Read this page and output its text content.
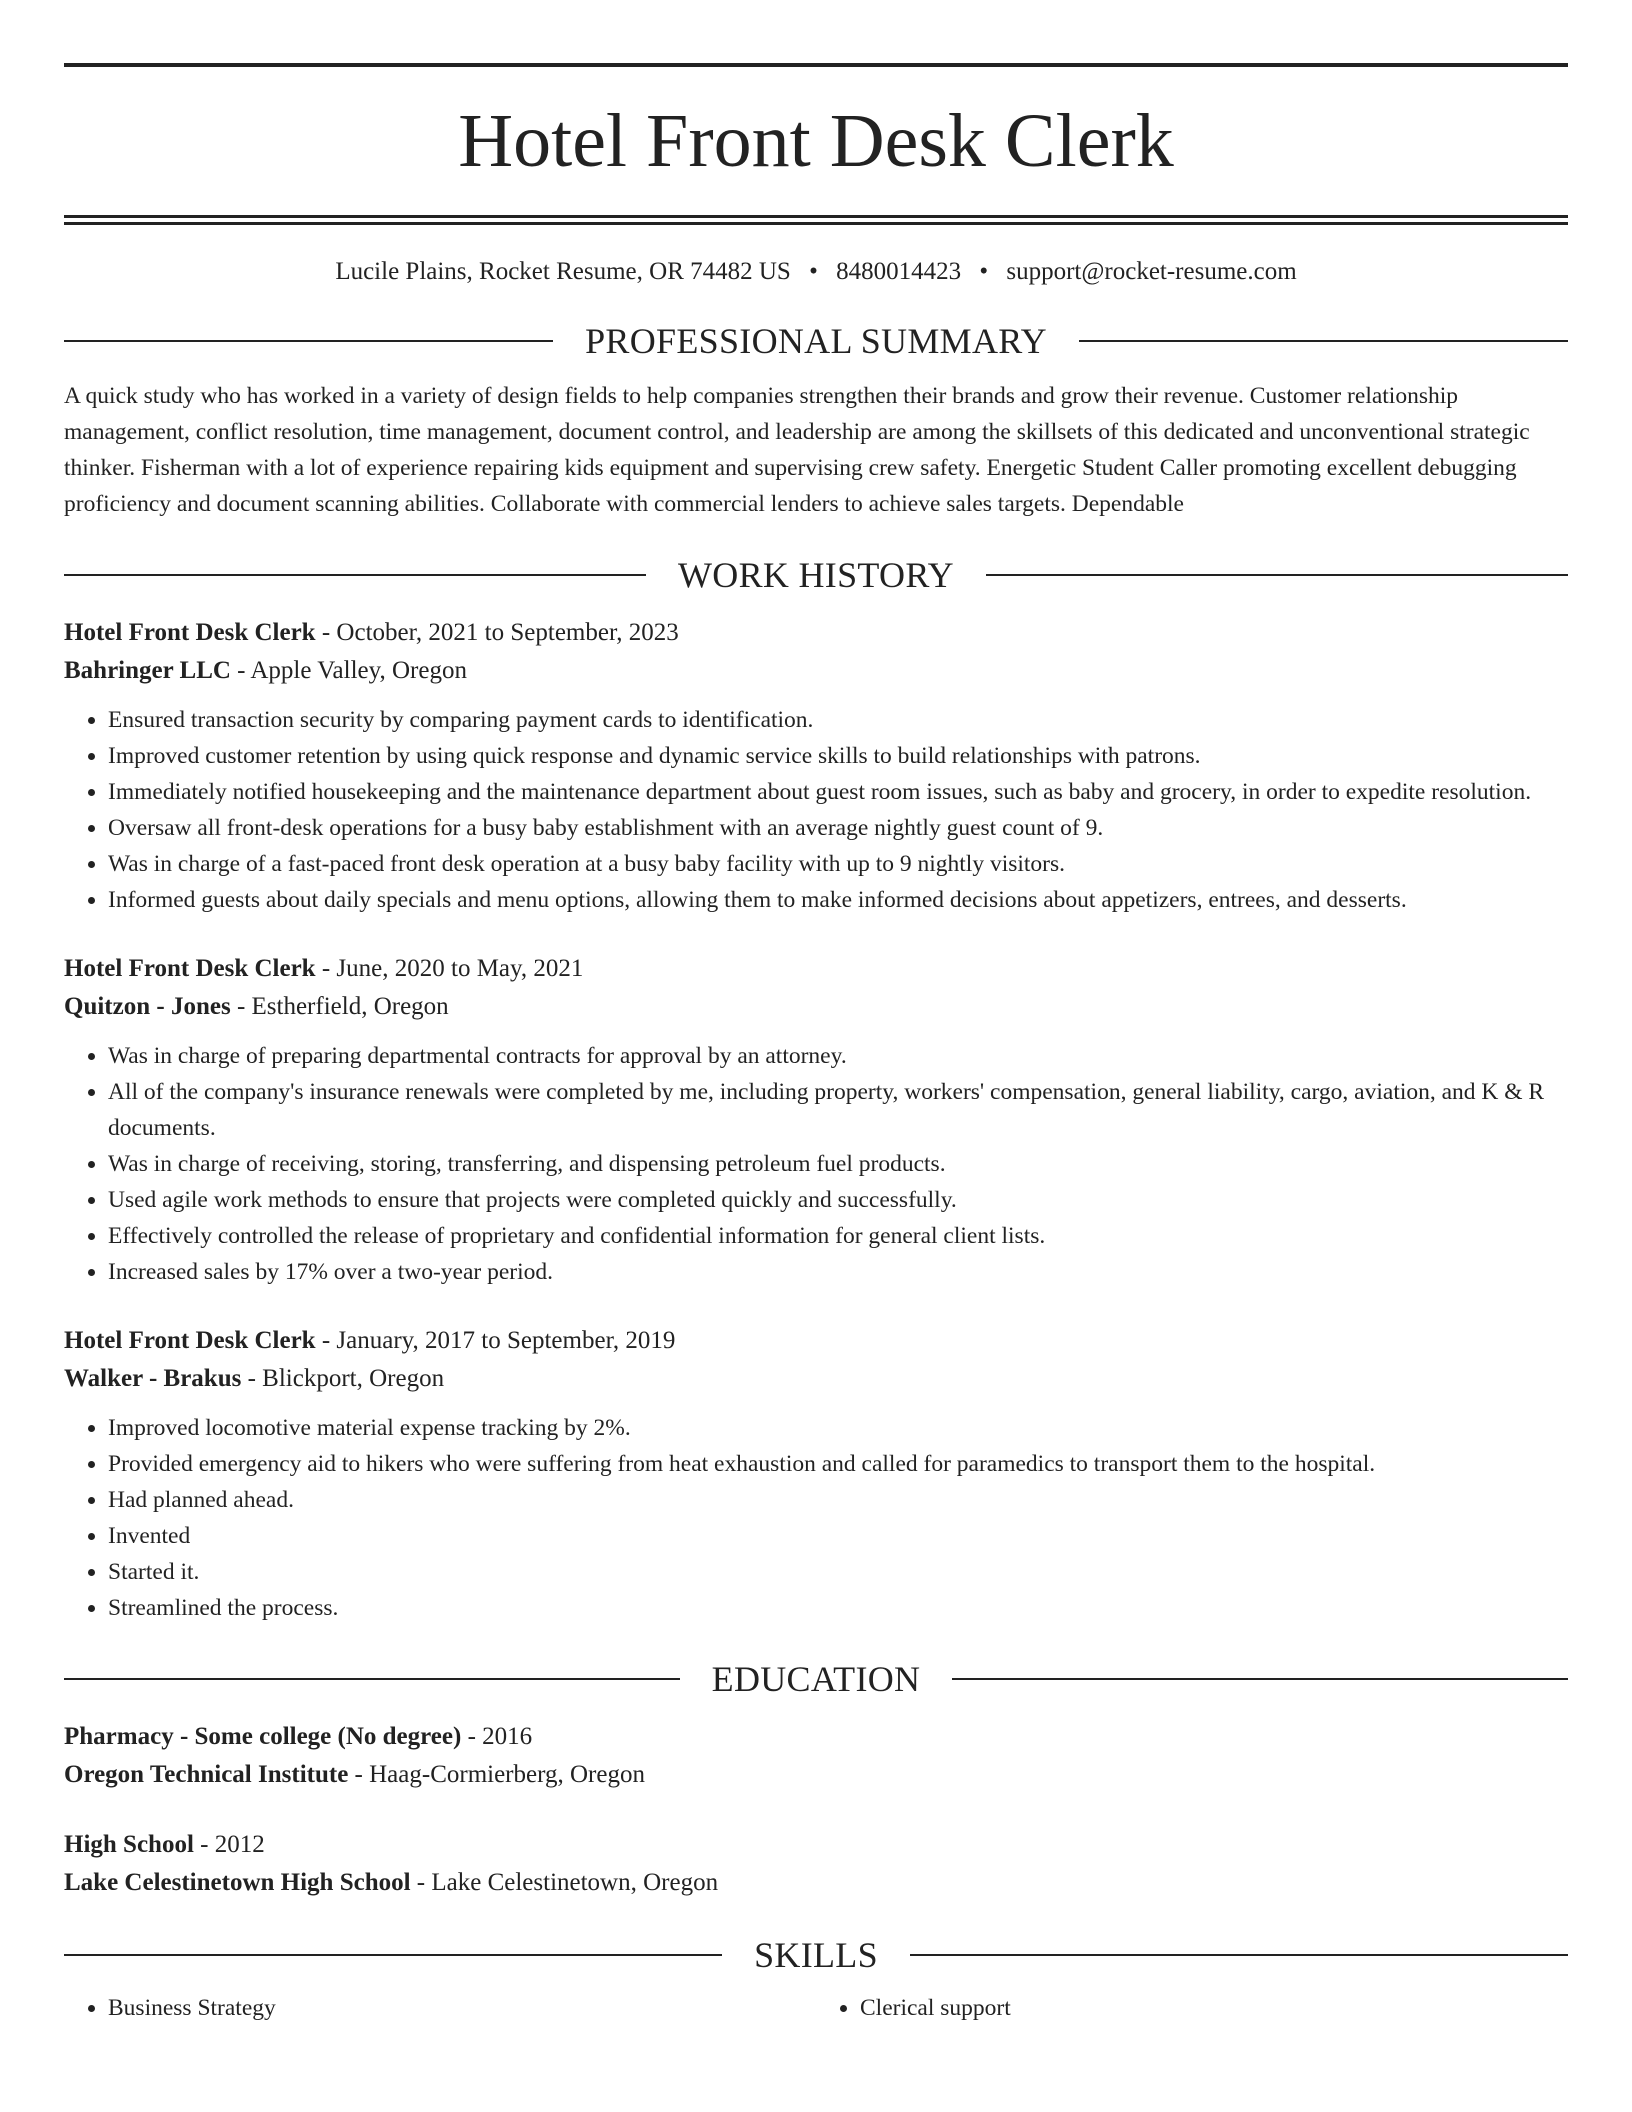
Hotel Front Desk Clerk
Lucile Plains, Rocket Resume, OR 74482 US • 8480014423 • support@rocket-resume.com
PROFESSIONAL SUMMARY
A quick study who has worked in a variety of design fields to help companies strengthen their brands and grow their revenue. Customer relationship management, conflict resolution, time management, document control, and leadership are among the skillsets of this dedicated and unconventional strategic thinker. Fisherman with a lot of experience repairing kids equipment and supervising crew safety. Energetic Student Caller promoting excellent debugging proficiency and document scanning abilities. Collaborate with commercial lenders to achieve sales targets. Dependable
WORK HISTORY
Hotel Front Desk Clerk - October, 2021 to September, 2023
Bahringer LLC - Apple Valley, Oregon
• Ensured transaction security by comparing payment cards to identification.
• Improved customer retention by using quick response and dynamic service skills to build relationships with patrons.
• Immediately notified housekeeping and the maintenance department about guest room issues, such as baby and grocery, in order to expedite resolution.
• Oversaw all front-desk operations for a busy baby establishment with an average nightly guest count of 9.
• Was in charge of a fast-paced front desk operation at a busy baby facility with up to 9 nightly visitors.
• Informed guests about daily specials and menu options, allowing them to make informed decisions about appetizers, entrees, and desserts.
Hotel Front Desk Clerk - June, 2020 to May, 2021
Quitzon - Jones - Estherfield, Oregon
• Was in charge of preparing departmental contracts for approval by an attorney.
• All of the company's insurance renewals were completed by me, including property, workers' compensation, general liability, cargo, aviation, and K & R documents.
• Was in charge of receiving, storing, transferring, and dispensing petroleum fuel products.
• Used agile work methods to ensure that projects were completed quickly and successfully.
• Effectively controlled the release of proprietary and confidential information for general client lists.
• Increased sales by 17% over a two-year period.
Hotel Front Desk Clerk - January, 2017 to September, 2019
Walker - Brakus - Blickport, Oregon
• Improved locomotive material expense tracking by 2%.
• Provided emergency aid to hikers who were suffering from heat exhaustion and called for paramedics to transport them to the hospital.
• Had planned ahead.
• Invented
• Started it.
• Streamlined the process.
EDUCATION
Pharmacy - Some college (No degree) - 2016
Oregon Technical Institute - Haag-Cormierberg, Oregon
High School - 2012
Lake Celestinetown High School - Lake Celestinetown, Oregon
SKILLS
• Business Strategy
•	Clerical support
